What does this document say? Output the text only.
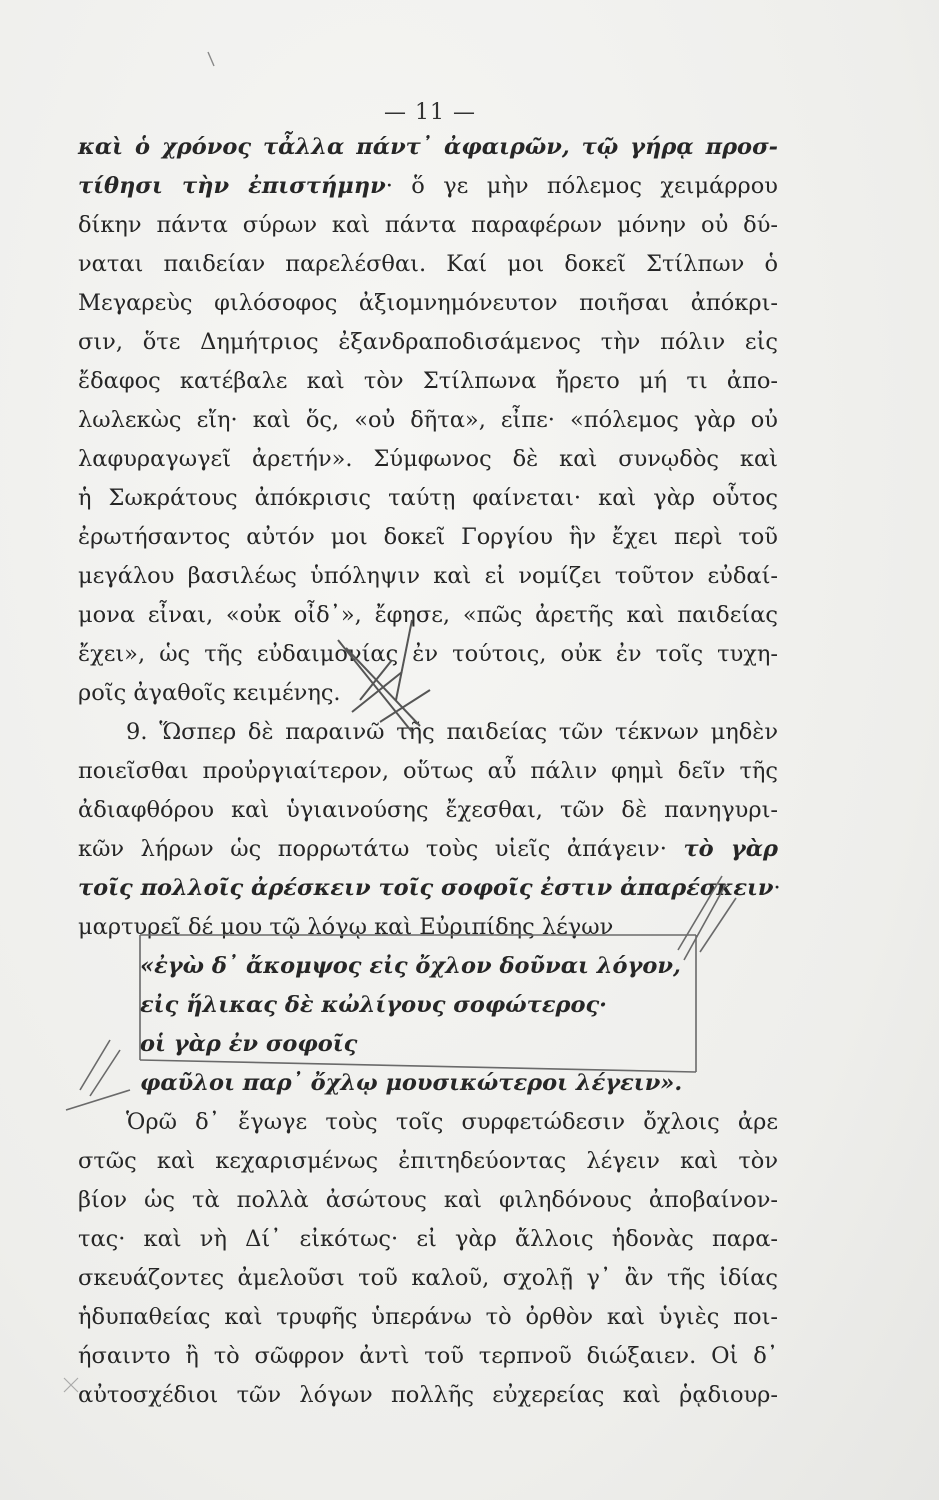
— 11 —
καὶ ὁ χρόνος τἆλλα πάντ᾽ ἀφαιρῶν, τῷ γήρᾳ προσ-
τίθησι τὴν ἐπιστήμην· ὅ γε μὴν πόλεμος χειμάρρου
δίκην πάντα σύρων καὶ πάντα παραφέρων μόνην οὐ δύ-
ναται παιδείαν παρελέσθαι. Καί μοι δοκεῖ Στίλπων ὁ
Μεγαρεὺς φιλόσοφος ἀξιομνημόνευτον ποιῆσαι ἀπόκρι-
σιν, ὅτε Δημήτριος ἐξανδραποδισάμενος τὴν πόλιν εἰς
ἔδαφος κατέβαλε καὶ τὸν Στίλπωνα ἤρετο μή τι ἀπο-
λωλεκὼς εἴη· καὶ ὅς, «οὐ δῆτα», εἶπε· «πόλεμος γὰρ οὐ
λαφυραγωγεῖ ἀρετήν». Σύμφωνος δὲ καὶ συνῳδὸς καὶ
ἡ Σωκράτους ἀπόκρισις ταύτῃ φαίνεται· καὶ γὰρ οὗτος
ἐρωτήσαντος αὐτόν μοι δοκεῖ Γοργίου ἣν ἔχει περὶ τοῦ
μεγάλου βασιλέως ὑπόληψιν καὶ εἰ νομίζει τοῦτον εὐδαί-
μονα εἶναι, «οὐκ οἶδ᾽», ἔφησε, «πῶς ἀρετῆς καὶ παιδείας
ἔχει», ὡς τῆς εὐδαιμονίας ἐν τούτοις, οὐκ ἐν τοῖς τυχη-
ροῖς ἀγαθοῖς κειμένης.
9. Ὥσπερ δὲ παραινῶ τῆς παιδείας τῶν τέκνων μηδὲν
ποιεῖσθαι προὐργιαίτερον, οὕτως αὖ πάλιν φημὶ δεῖν τῆς
ἀδιαφθόρου καὶ ὑγιαινούσης ἔχεσθαι, τῶν δὲ πανηγυρι-
κῶν λήρων ὡς πορρωτάτω τοὺς υἱεῖς ἀπάγειν· τὸ γὰρ
τοῖς πολλοῖς ἀρέσκειν τοῖς σοφοῖς ἐστιν ἀπαρέσκειν·
μαρτυρεῖ δέ μου τῷ λόγῳ καὶ Εὐριπίδης λέγων
«ἐγὼ δ᾽ ἄκομψος εἰς ὄχλον δοῦναι λόγον,
εἰς ἥλικας δὲ κὠλίγους σοφώτερος·
οἱ γὰρ ἐν σοφοῖς
φαῦλοι παρ᾽ ὄχλῳ μουσικώτεροι λέγειν».
Ὁρῶ δ᾽ ἔγωγε τοὺς τοῖς συρφετώδεσιν ὄχλοις ἀρε
στῶς καὶ κεχαρισμένως ἐπιτηδεύοντας λέγειν καὶ τὸν
βίον ὡς τὰ πολλὰ ἀσώτους καὶ φιληδόνους ἀποβαίνον-
τας· καὶ νὴ Δί᾽ εἰκότως· εἰ γὰρ ἄλλοις ἡδονὰς παρα-
σκευάζοντες ἀμελοῦσι τοῦ καλοῦ, σχολῇ γ᾽ ἂν τῆς ἰδίας
ἡδυπαθείας καὶ τρυφῆς ὑπεράνω τὸ ὀρθὸν καὶ ὑγιὲς ποι-
ήσαιντο ἢ τὸ σῶφρον ἀντὶ τοῦ τερπνοῦ διώξαιεν. Οἱ δ᾽
αὐτοσχέδιοι τῶν λόγων πολλῆς εὐχερείας καὶ ῥᾳδιουρ-
